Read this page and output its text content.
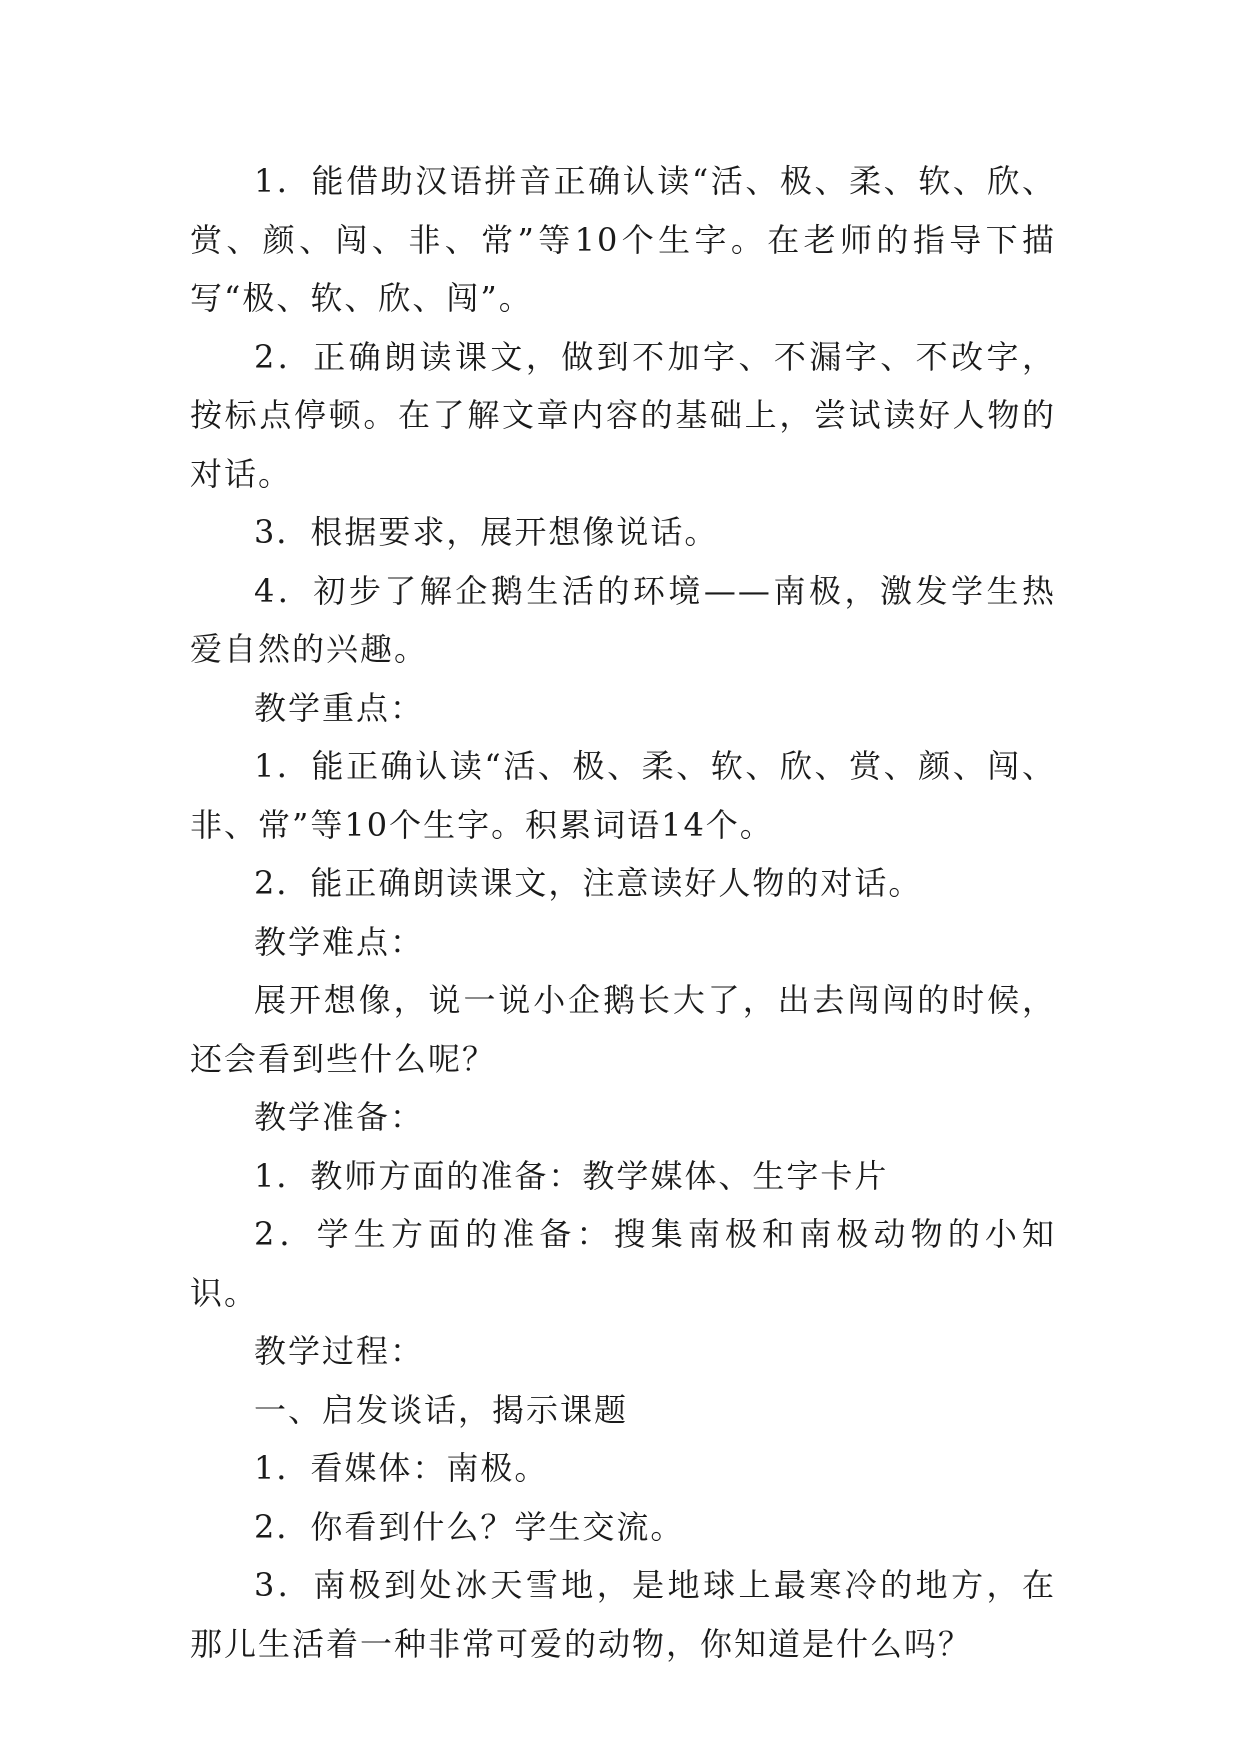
1．能借助汉语拼音正确认读“活、极、柔、软、欣、赏、颜、闯、非、常”等10个生字。在老师的指导下描写“极、软、欣、闯”。

2．正确朗读课文，做到不加字、不漏字、不改字，按标点停顿。在了解文章内容的基础上，尝试读好人物的对话。

3．根据要求，展开想像说话。

4．初步了解企鹅生活的环境——南极，激发学生热爱自然的兴趣。

教学重点：

1．能正确认读“活、极、柔、软、欣、赏、颜、闯、非、常”等10个生字。积累词语14个。

2．能正确朗读课文，注意读好人物的对话。

教学难点：

展开想像，说一说小企鹅长大了，出去闯闯的时候，还会看到些什么呢？

教学准备：

1．教师方面的准备：教学媒体、生字卡片

2．学生方面的准备：搜集南极和南极动物的小知识。

教学过程：

一、启发谈话，揭示课题

1．看媒体：南极。

2．你看到什么？学生交流。

3．南极到处冰天雪地，是地球上最寒冷的地方，在那儿生活着一种非常可爱的动物，你知道是什么吗？
